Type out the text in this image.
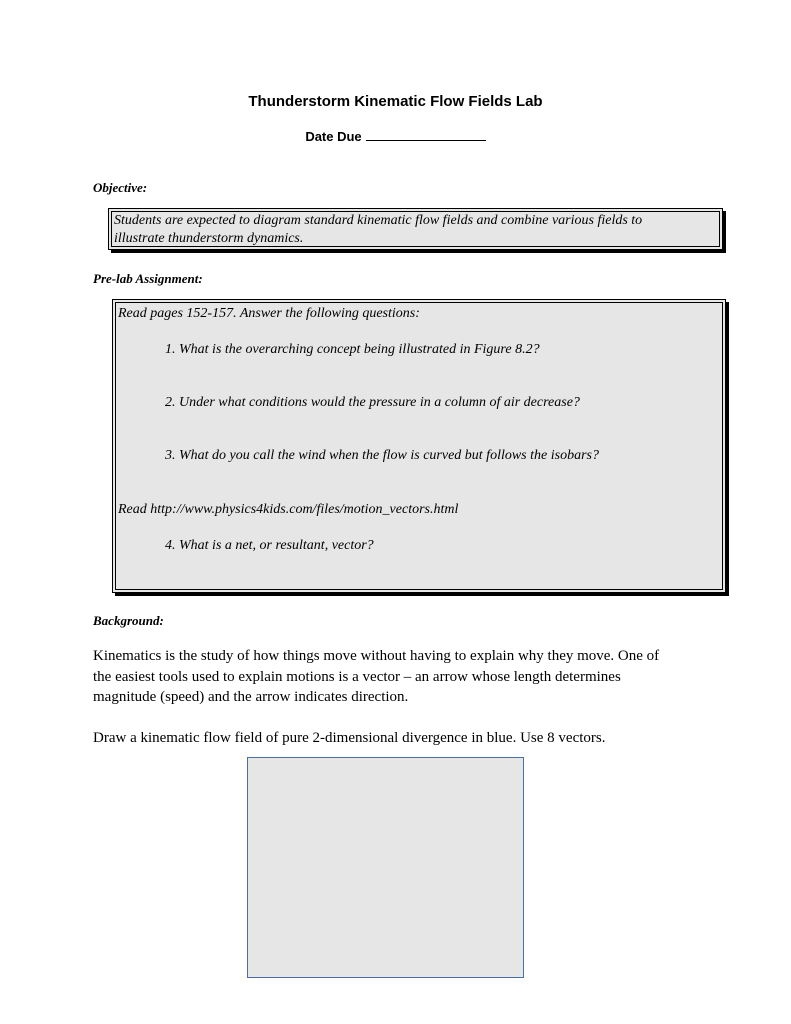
Thunderstorm Kinematic Flow Fields Lab
Date Due
Objective:
Students are expected to diagram standard kinematic flow fields and combine various fields to
illustrate thunderstorm dynamics.
Pre-lab Assignment:
Read pages 152-157. Answer the following questions:
1. What is the overarching concept being illustrated in Figure 8.2?
2. Under what conditions would the pressure in a column of air decrease?
3. What do you call the wind when the flow is curved but follows the isobars?
Read http://www.physics4kids.com/files/motion_vectors.html
4. What is a net, or resultant, vector?
Background:
Kinematics is the study of how things move without having to explain why they move. One of
the easiest tools used to explain motions is a vector – an arrow whose length determines
magnitude (speed) and the arrow indicates direction.
Draw a kinematic flow field of pure 2-dimensional divergence in blue. Use 8 vectors.
